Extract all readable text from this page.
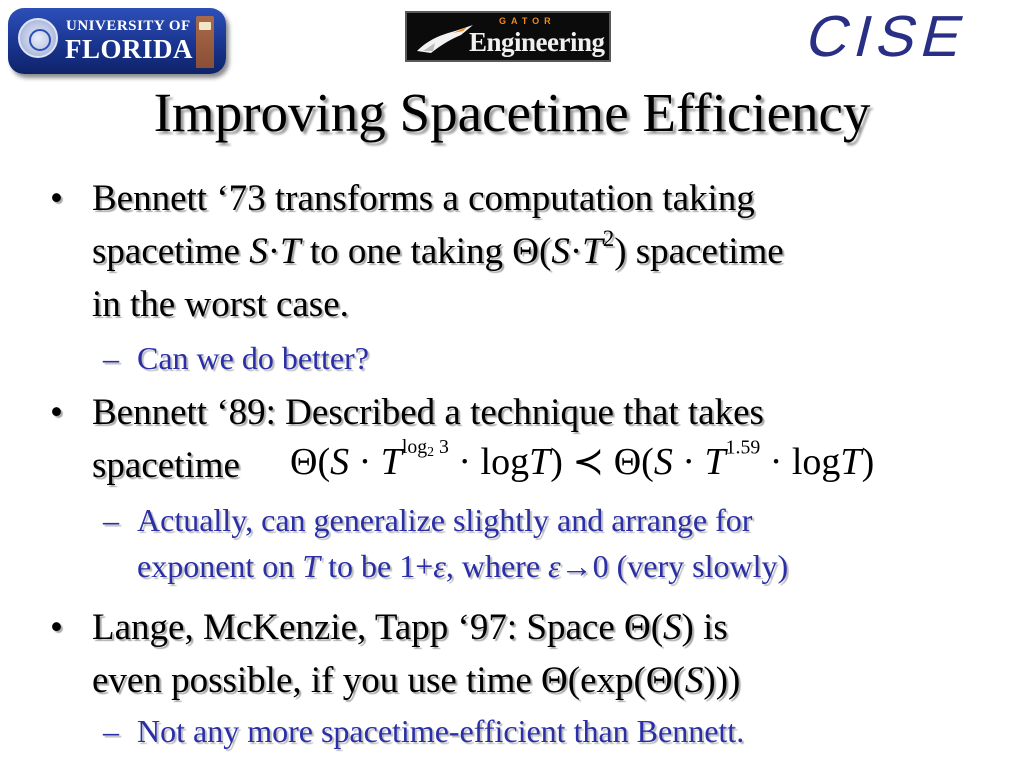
UNIVERSITY OF
FLORIDA
GATOR
Engineering	CISE
Improving Spacetime Efficiency
• Bennett ‘73 transforms a computation taking
spacetime S·T to one taking $\Theta(S\cdot T^2)$ spacetime
in the worst case.
– Can we do better?
• Bennett ‘89: Described a technique that takes
spacetime $\Theta(S \cdot T^{log_2 3} \cdot \log T)$ ≺ $\Theta(S \cdot T^{1.59} \cdot \log T)$
– Actually, can generalize slightly and arrange for
exponent on T to be 1+ε, where ε→0 (very slowly)
• Lange, McKenzie, Tapp ‘97: Space Θ(S) is
even possible, if you use time Θ(exp(Θ(S)))
– Not any more spacetime-efficient than Bennett.
